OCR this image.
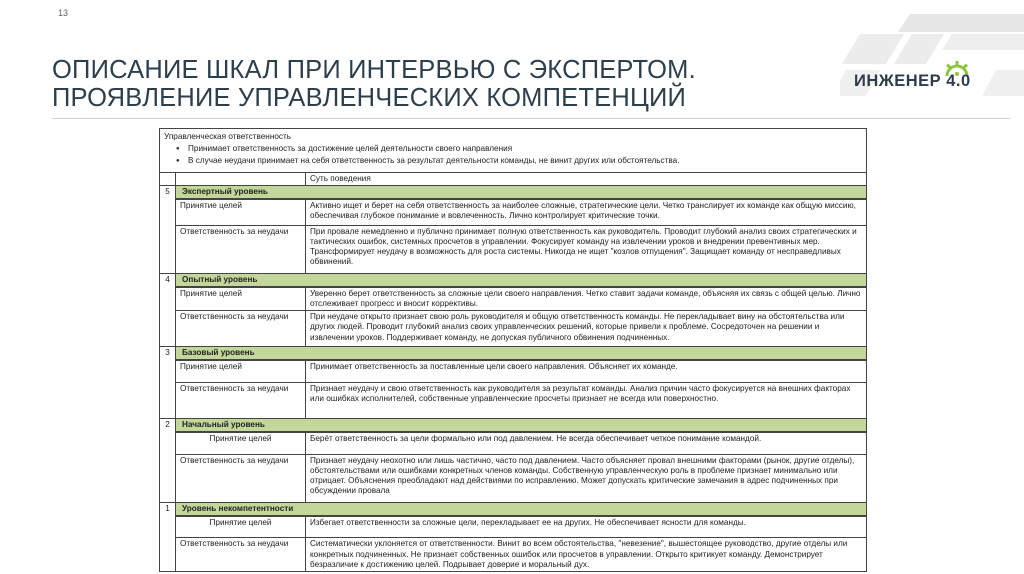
13
ИНЖЕНЕР 4.0
ОПИСАНИЕ ШКАЛ ПРИ ИНТЕРВЬЮ С ЭКСПЕРТОМ.
ПРОЯВЛЕНИЕ УПРАВЛЕНЧЕСКИХ КОМПЕТЕНЦИЙ
Управленческая ответственность
● Принимает ответственность за достижение целей деятельности своего направления
● В случае неудачи принимает на себя ответственность за результат деятельности команды, не винит других или обстоятельства.

		Суть поведения
5	Экспертный уровень	
	Принятие целей	Активно ищет и берет на себя ответственность за наиболее сложные, стратегические цели. Четко транслирует их команде как общую миссию, обеспечивая глубокое понимание и вовлеченность. Лично контролирует критические точки.
	Ответственность за неудачи	При провале немедленно и публично принимает полную ответственность как руководитель. Проводит глубокий анализ своих стратегических и тактических ошибок, системных просчетов в управлении. Фокусирует команду на извлечении уроков и внедрении превентивных мер. Трансформирует неудачу в возможность для роста системы. Никогда не ищет "козлов отпущения". Защищает команду от несправедливых обвинений.
4	Опытный уровень	
	Принятие целей	Уверенно берет ответственность за сложные цели своего направления. Четко ставит задачи команде, объясняя их связь с общей целью. Лично отслеживает прогресс и вносит коррективы.
	Ответственность за неудачи	При неудаче открыто признает свою роль руководителя и общую ответственность команды. Не перекладывает вину на обстоятельства или других людей. Проводит глубокий анализ своих управленческих решений, которые привели к проблеме. Сосредоточен на решении и извлечении уроков. Поддерживает команду, не допуская публичного обвинения подчиненных.
3	Базовый уровень	
	Принятие целей	Принимает ответственность за поставленные цели своего направления. Объясняет их команде.
	Ответственность за неудачи	Признает неудачу и свою ответственность как руководителя за результат команды. Анализ причин часто фокусируется на внешних факторах или ошибках исполнителей, собственные управленческие просчеты признает не всегда или поверхностно.
2	Начальный уровень	
	Принятие целей	Берёт ответственность за цели формально или под давлением. Не всегда обеспечивает четкое понимание командой.
	Ответственность за неудачи	Признает неудачу неохотно или лишь частично, часто под давлением. Часто объясняет провал внешними факторами (рынок, другие отделы), обстоятельствами или ошибками конкретных членов команды. Собственную управленческую роль в проблеме признает минимально или отрицает. Объяснения преобладают над действиями по исправлению. Может допускать критические замечания в адрес подчиненных при обсуждении провала
1	Уровень некомпетентности	
	Принятие целей	Избегает ответственности за сложные цели, перекладывает ее на других. Не обеспечивает ясности для команды.
	Ответственность за неудачи	Систематически уклоняется от ответственности. Винит во всем обстоятельства, "невезение", вышестоящее руководство, другие отделы или конкретных подчиненных. Не признает собственных ошибок или просчетов в управлении. Открыто критикует команду. Демонстрирует безразличие к достижению целей. Подрывает доверие и моральный дух.
